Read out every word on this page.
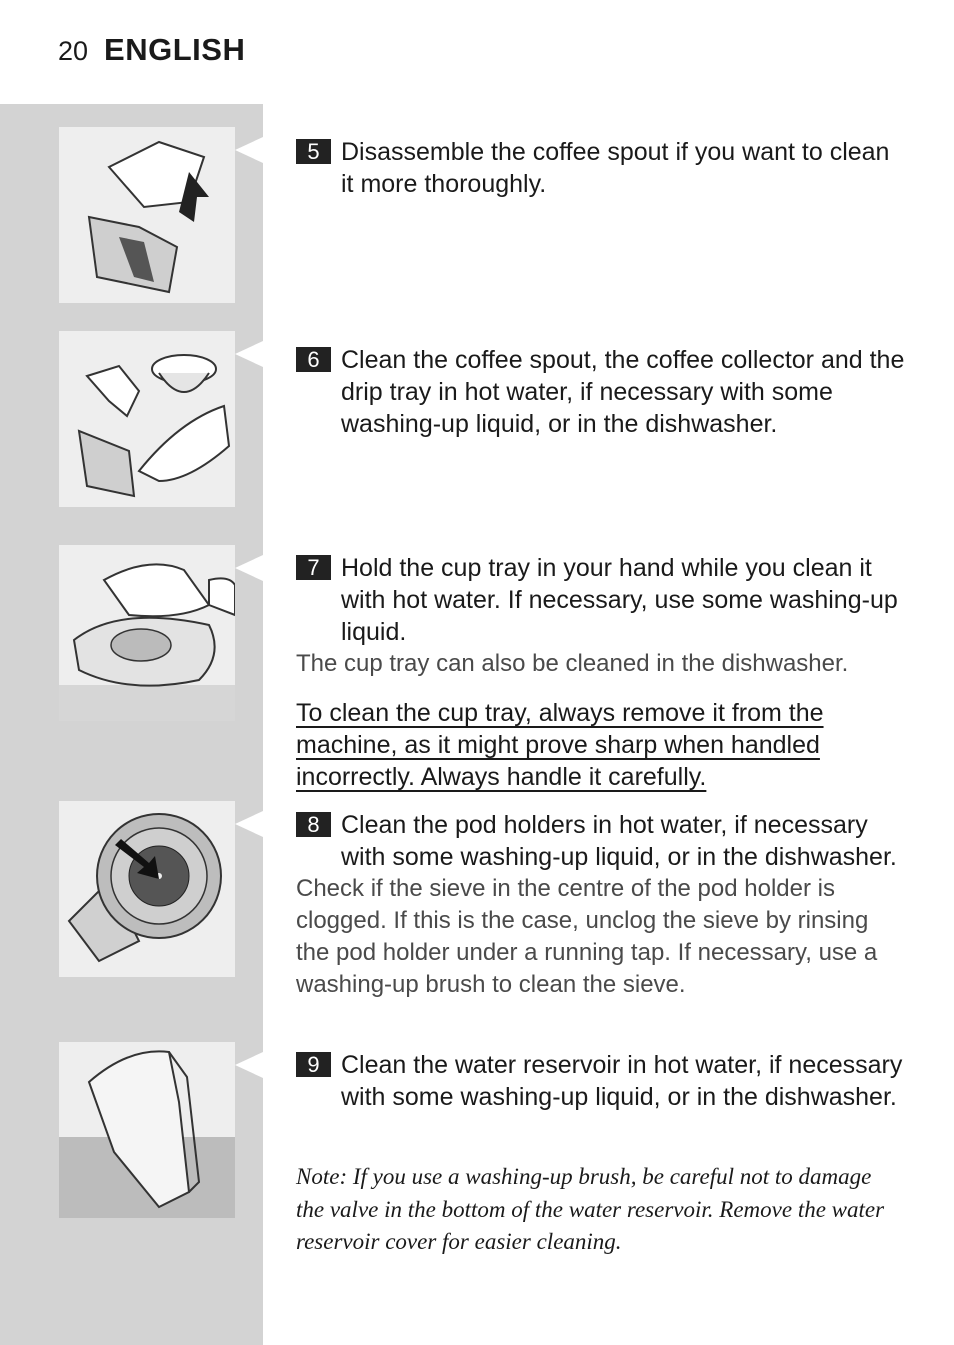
20 ENGLISH
5 Disassemble the coffee spout if you want to clean it more thoroughly.
6 Clean the coffee spout, the coffee collector and the drip tray in hot water, if necessary with some washing-up liquid, or in the dishwasher.
7 Hold the cup tray in your hand while you clean it with hot water. If necessary, use some washing-up liquid.
The cup tray can also be cleaned in the dishwasher.
To clean the cup tray, always remove it from the machine, as it might prove sharp when handled incorrectly. Always handle it carefully.
8 Clean the pod holders in hot water, if necessary with some washing-up liquid, or in the dishwasher.
Check if the sieve in the centre of the pod holder is clogged. If this is the case, unclog the sieve by rinsing the pod holder under a running tap. If necessary, use a washing-up brush to clean the sieve.
9 Clean the water reservoir in hot water, if necessary with some washing-up liquid, or in the dishwasher.
Note: If you use a washing-up brush, be careful not to damage the valve in the bottom of the water reservoir. Remove the water reservoir cover for easier cleaning.
